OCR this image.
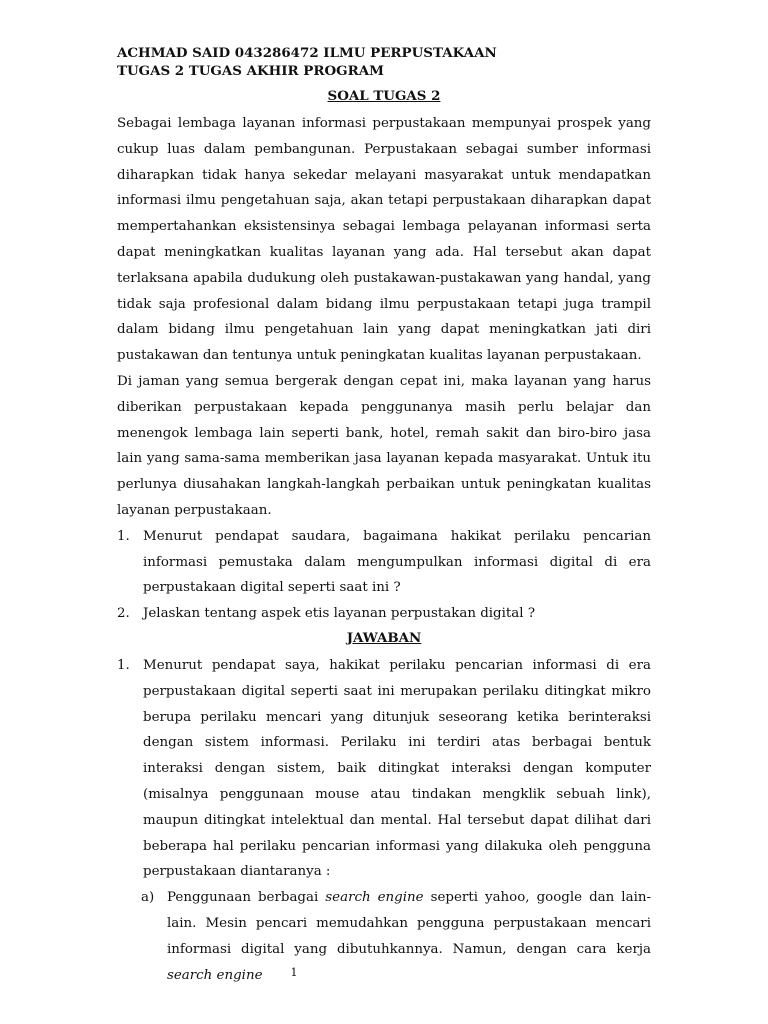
ACHMAD SAID 043286472 ILMU PERPUSTAKAAN
TUGAS 2 TUGAS AKHIR PROGRAM
SOAL TUGAS 2

Sebagai lembaga layanan informasi perpustakaan mempunyai prospek yang cukup luas dalam pembangunan. Perpustakaan sebagai sumber informasi diharapkan tidak hanya sekedar melayani masyarakat untuk mendapatkan informasi ilmu pengetahuan saja, akan tetapi perpustakaan diharapkan dapat mempertahankan eksistensinya sebagai lembaga pelayanan informasi serta dapat meningkatkan kualitas layanan yang ada. Hal tersebut akan dapat terlaksana apabila dudukung oleh pustakawan-pustakawan yang handal, yang tidak saja profesional dalam bidang ilmu perpustakaan tetapi juga trampil dalam bidang ilmu pengetahuan lain yang dapat meningkatkan jati diri pustakawan dan tentunya untuk peningkatan kualitas layanan perpustakaan.

Di jaman yang semua bergerak dengan cepat ini, maka layanan yang harus diberikan perpustakaan kepada penggunanya masih perlu belajar dan menengok lembaga lain seperti bank, hotel, remah sakit dan biro-biro jasa lain yang sama-sama memberikan jasa layanan kepada masyarakat. Untuk itu perlunya diusahakan langkah-langkah perbaikan untuk peningkatan kualitas layanan perpustakaan.

1. Menurut pendapat saudara, bagaimana hakikat perilaku pencarian informasi pemustaka dalam mengumpulkan informasi digital di era perpustakaan digital seperti saat ini ?
2. Jelaskan tentang aspek etis layanan perpustakan digital ?
JAWABAN
1. Menurut pendapat saya, hakikat perilaku pencarian informasi di era perpustakaan digital seperti saat ini merupakan perilaku ditingkat mikro berupa perilaku mencari yang ditunjuk seseorang ketika berinteraksi dengan sistem informasi. Perilaku ini terdiri atas berbagai bentuk interaksi dengan sistem, baik ditingkat interaksi dengan komputer (misalnya penggunaan mouse atau tindakan mengklik sebuah link), maupun ditingkat intelektual dan mental. Hal tersebut dapat dilihat dari beberapa hal perilaku pencarian informasi yang dilakuka oleh pengguna perpustakaan diantaranya :
a) Penggunaan berbagai search engine seperti yahoo, google dan lain-lain. Mesin pencari memudahkan pengguna perpustakaan mencari informasi digital yang dibutuhkannya. Namun, dengan cara kerja search engine	1
